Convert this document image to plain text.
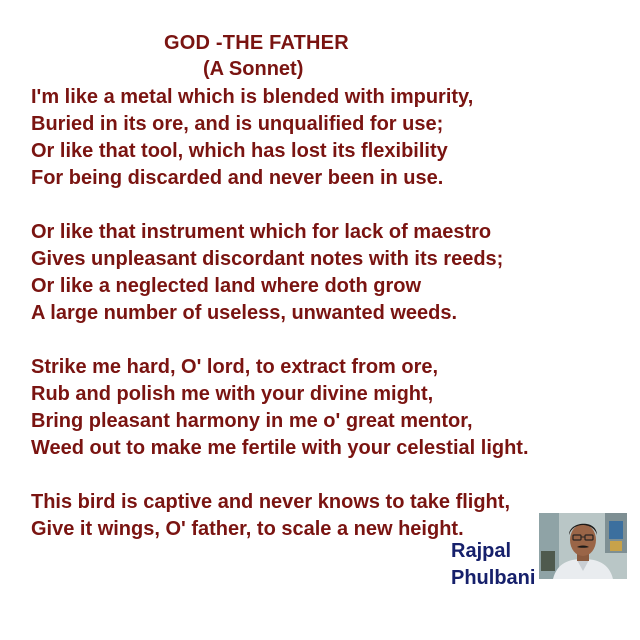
GOD -THE FATHER
(A Sonnet)
I'm like a metal which is blended with impurity,
Buried in its ore, and is unqualified for use;
Or like that tool, which has lost its flexibility
For being discarded and never been in use.
Or like that instrument which for lack of maestro
Gives unpleasant discordant notes with its reeds;
Or like a neglected land where doth grow
A large number of useless, unwanted weeds.
Strike me hard, O' lord, to extract from ore,
Rub and polish me with your divine might,
Bring pleasant harmony in me o' great mentor,
Weed out to make me fertile with your celestial light.
This bird is captive and never knows to take flight,
Give it wings, O' father, to scale a new height.
Rajpal
Phulbani
